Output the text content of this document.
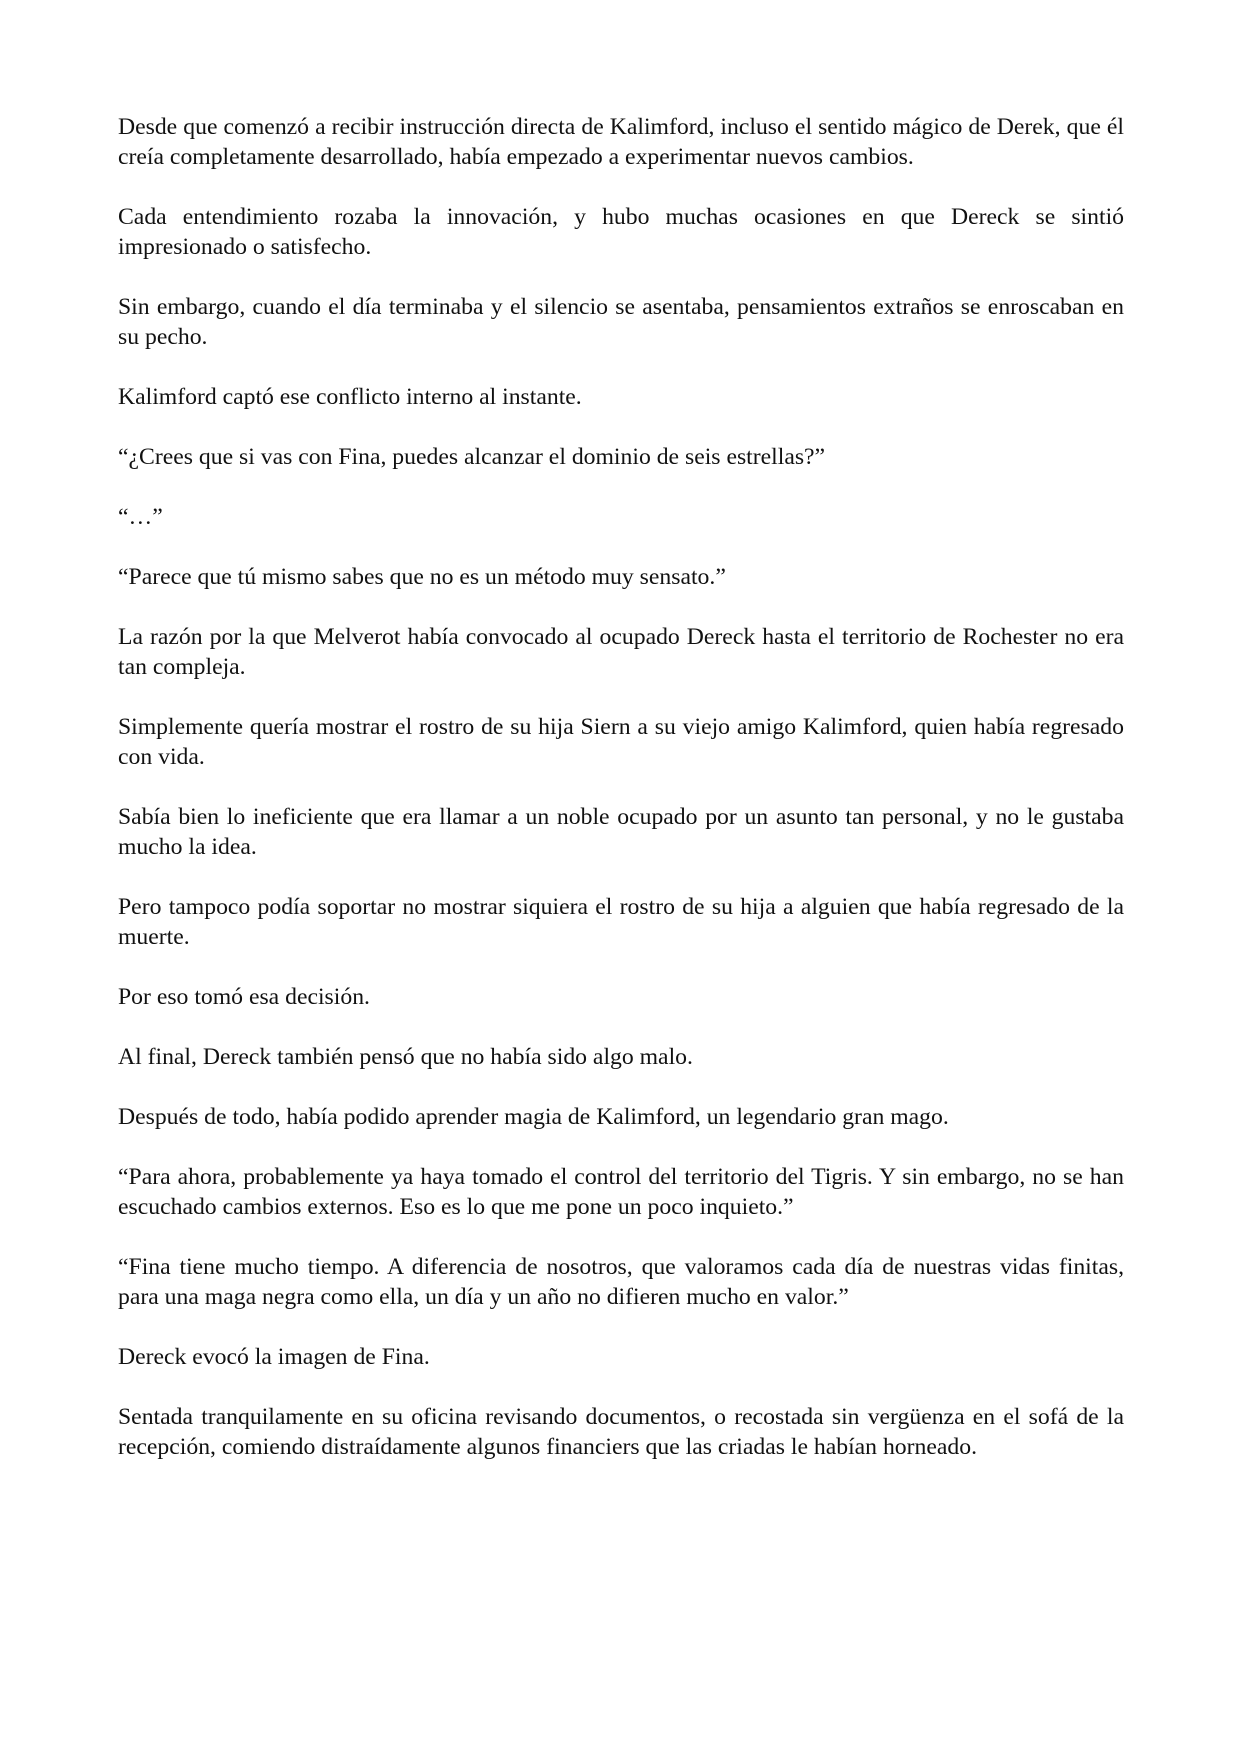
Desde que comenzó a recibir instrucción directa de Kalimford, incluso el sentido mágico de Derek, que él creía completamente desarrollado, había empezado a experimentar nuevos cambios.

Cada entendimiento rozaba la innovación, y hubo muchas ocasiones en que Dereck se sintió impresionado o satisfecho.

Sin embargo, cuando el día terminaba y el silencio se asentaba, pensamientos extraños se enroscaban en su pecho.

Kalimford captó ese conflicto interno al instante.

“¿Crees que si vas con Fina, puedes alcanzar el dominio de seis estrellas?”

“…”

“Parece que tú mismo sabes que no es un método muy sensato.”

La razón por la que Melverot había convocado al ocupado Dereck hasta el territorio de Rochester no era tan compleja.

Simplemente quería mostrar el rostro de su hija Siern a su viejo amigo Kalimford, quien había regresado con vida.

Sabía bien lo ineficiente que era llamar a un noble ocupado por un asunto tan personal, y no le gustaba mucho la idea.

Pero tampoco podía soportar no mostrar siquiera el rostro de su hija a alguien que había regresado de la muerte.

Por eso tomó esa decisión.

Al final, Dereck también pensó que no había sido algo malo.

Después de todo, había podido aprender magia de Kalimford, un legendario gran mago.

“Para ahora, probablemente ya haya tomado el control del territorio del Tigris. Y sin embargo, no se han escuchado cambios externos. Eso es lo que me pone un poco inquieto.”

“Fina tiene mucho tiempo. A diferencia de nosotros, que valoramos cada día de nuestras vidas finitas, para una maga negra como ella, un día y un año no difieren mucho en valor.”

Dereck evocó la imagen de Fina.

Sentada tranquilamente en su oficina revisando documentos, o recostada sin vergüenza en el sofá de la recepción, comiendo distraídamente algunos financiers que las criadas le habían horneado.
